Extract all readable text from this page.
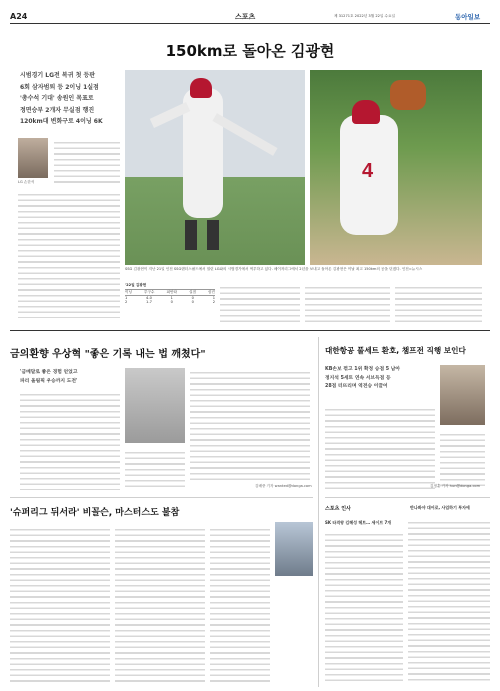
A24	스포츠	제 31271호 2022년 3월 22일 수요일	동아일보
150km로 돌아온 김광현
시범경기 LG전 복귀 첫 등판
6회 삼자범퇴 등 2이닝 1실점
'총수석 기대' 송원인 목표로
정면승부 2개자 무실점 행진
120km대 변화구로 4이닝 6K
LG 손한석	4
SSG 김광현이 지난 21일 인천 SSG랜더스필드에서 열린 LG와의 시범경기에서 역투하고 있다. 메이저리그에서 2년을 보내고 돌아온 김광현은 이날 최고 150km의 공을 던졌다. 인천=뉴시스
'22일 김광현
이닝	투구수	피안타	실점	삼진
1	4-0	1	0	1
2	1-7	0	0	2
금의환향 우상혁 "좋은 기록 내는 법 깨쳤다"
'금메달로 좋은 경험 얻었고
파리 올림픽 우승까지 도전'
김배중 기자 wanted@donga.com
'슈퍼리그 뒤서라' 비꼴슨, 마스터스도 불참
대한항공 풀세트 환호, 챔프전 직행 보인다
KB손보 꺾고 1위 확정 승점 5 남아
정지석 5세트 연속 서브득점 등
28점 터뜨리며 역전승 이끌어
김정훈 기자 hun@donga.com
스포츠 인사	반나봐야 대어로, 사업하기 투자에
SK 타격왕 김혜성 헤트… 세이브 7개
